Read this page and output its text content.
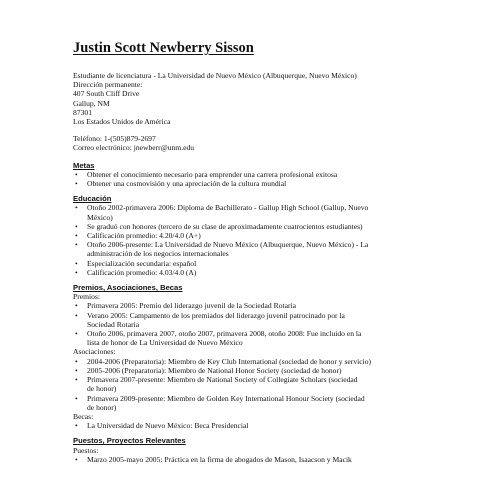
Justin Scott Newberry Sisson
Estudiante de licenciatura - La Universidad de Nuevo México (Albuquerque, Nuevo México)
Dirección permanente:
407 South Cliff Drive
Gallup, NM
87301
Los Estados Unidos de América
Teléfono: 1-(505)879-2697
Correo electrónico: jnewberr@unm.edu
Metas
• Obtener el conocimiento necesario para emprender una carrera profesional exitosa
• Obtener una cosmovisión y una apreciación de la cultura mundial
Educación
• Otoño 2002-primavera 2006: Diploma de Bachillerato - Gallup High School (Gallup, Nuevo
México)
• Se graduó con honores (tercero de su clase de aproximadamente cuatrocientos estudiantes)
• Calificación promedio: 4.20/4.0 (A+)
• Otoño 2006-presente: La Universidad de Nuevo México (Albuquerque, Nuevo México) - La
administración de los negocios internacionales
• Especialización secundaria: español
• Calificación promedio: 4.03/4.0 (A)
Premios, Asociaciones, Becas
Premios:
• Primavera 2005: Premio del liderazgo juvenil de la Sociedad Rotaria
• Verano 2005: Campamento de los premiados del liderazgo juvenil patrocinado por la
Sociedad Rotaria
• Otoño 2006, primavera 2007, otoño 2007, primavera 2008, otoño 2008: Fue incluido en la
lista de honor de La Universidad de Nuevo México
Asociaciones:
• 2004-2006 (Preparatoria): Miembro de Key Club International (sociedad de honor y servicio)
• 2005-2006 (Preparatoria): Miembro de National Honor Society (sociedad de honor)
• Primavera 2007-presente: Miembro de National Society of Collegiate Scholars (sociedad
de honor)
• Primavera 2009-presente: Miembro de Golden Key International Honour Society (sociedad
de honor)
Becas:
• La Universidad de Nuevo México: Beca Presidencial
Puestos, Proyectos Relevantes
Puestos:
• Marzo 2005-mayo 2005: Práctica en la firma de abogados de Mason, Isaacson y Macik
